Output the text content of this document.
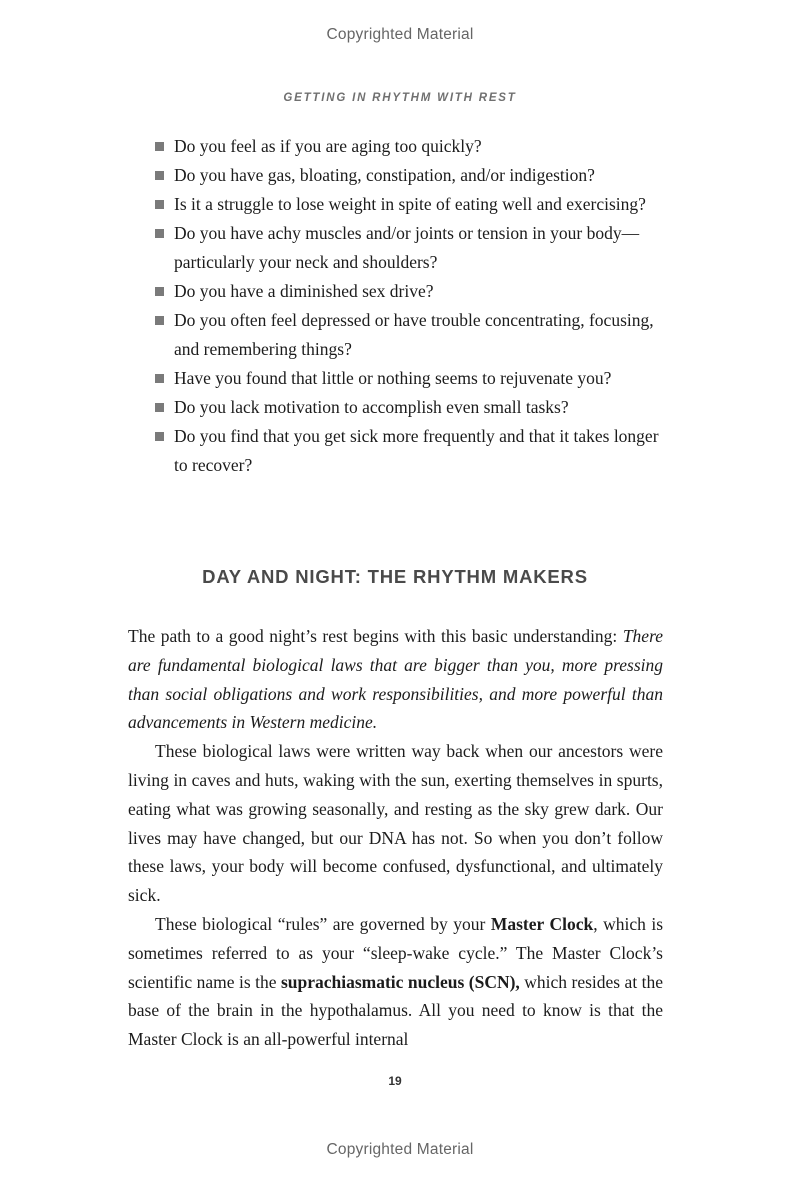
Copyrighted Material
GETTING IN RHYTHM WITH REST
Do you feel as if you are aging too quickly?
Do you have gas, bloating, constipation, and/or indigestion?
Is it a struggle to lose weight in spite of eating well and exercising?
Do you have achy muscles and/or joints or tension in your body—particularly your neck and shoulders?
Do you have a diminished sex drive?
Do you often feel depressed or have trouble concentrating, focusing, and remembering things?
Have you found that little or nothing seems to rejuvenate you?
Do you lack motivation to accomplish even small tasks?
Do you find that you get sick more frequently and that it takes longer to recover?
DAY AND NIGHT: THE RHYTHM MAKERS

The path to a good night’s rest begins with this basic understanding: There are fundamental biological laws that are bigger than you, more pressing than social obligations and work responsibilities, and more powerful than advancements in Western medicine.

These biological laws were written way back when our ancestors were living in caves and huts, waking with the sun, exerting themselves in spurts, eating what was growing seasonally, and resting as the sky grew dark. Our lives may have changed, but our DNA has not. So when you don’t follow these laws, your body will become confused, dysfunctional, and ultimately sick.

These biological “rules” are governed by your Master Clock, which is sometimes referred to as your “sleep-wake cycle.” The Master Clock’s scientific name is the suprachiasmatic nucleus (SCN), which resides at the base of the brain in the hypothalamus. All you need to know is that the Master Clock is an all-powerful internal

19
Copyrighted Material
